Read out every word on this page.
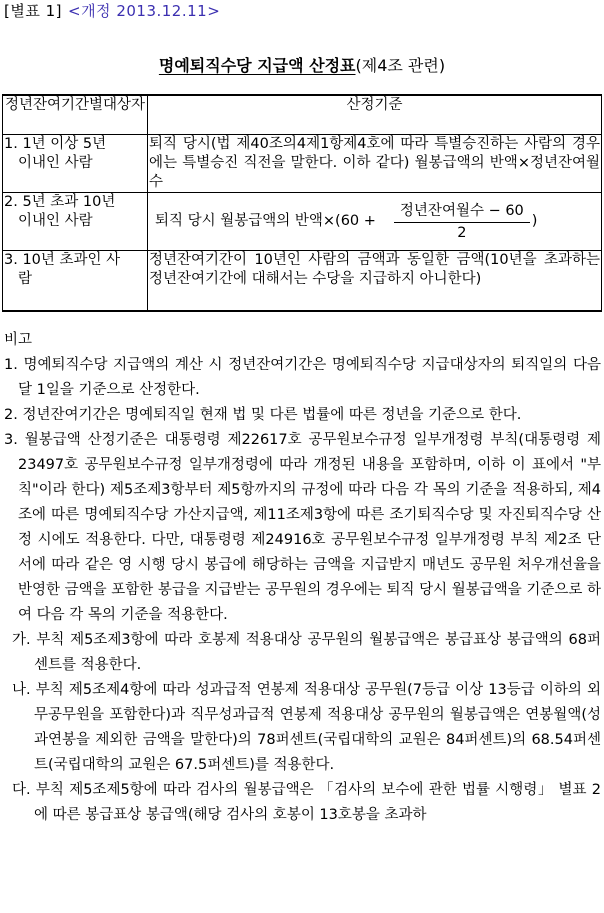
[별표 1] <개정 2013.12.11>
명예퇴직수당 지급액 산정표(제4조 관련)
정년잔여기간별대상자	산정기준

1. 1년 이상 5년
이내인 사람	퇴직 당시(법 제40조의4제1항제4호에 따라 특별승진하는 사람의 경우에는 특별승진 직전을 말한다. 이하 같다) 월봉급액의 반액×정년잔여월수

2. 5년 초과 10년
이내인 사람	퇴직 당시 월봉급액의 반액$\times(60 + \frac{\text{정년잔여월수 − 60}}{2}$ )

3. 10년 초과인 사
람	정년잔여기간이 10년인 사람의 금액과 동일한 금액(10년을 초과하는 정년잔여기간에 대해서는 수당을 지급하지 아니한다)

비고

1. 명예퇴직수당 지급액의 계산 시 정년잔여기간은 명예퇴직수당 지급대상자의 퇴직일의 다음 달 1일을 기준으로 산정한다.

2. 정년잔여기간은 명예퇴직일 현재 법 및 다른 법률에 따른 정년을 기준으로 한다.

3. 월봉급액 산정기준은 대통령령 제22617호 공무원보수규정 일부개정령 부칙(대통령령 제23497호 공무원보수규정 일부개정령에 따라 개정된 내용을 포함하며, 이하 이 표에서 "부칙"이라 한다) 제5조제3항부터 제5항까지의 규정에 따라 다음 각 목의 기준을 적용하되, 제4조에 따른 명예퇴직수당 가산지급액, 제11조제3항에 따른 조기퇴직수당 및 자진퇴직수당 산정 시에도 적용한다. 다만, 대통령령 제24916호 공무원보수규정 일부개정령 부칙 제2조 단서에 따라 같은 영 시행 당시 봉급에 해당하는 금액을 지급받지 매년도 공무원 처우개선율을 반영한 금액을 포함한 봉급을 지급받는 공무원의 경우에는 퇴직 당시 월봉급액을 기준으로 하여 다음 각 목의 기준을 적용한다.

가. 부칙 제5조제3항에 따라 호봉제 적용대상 공무원의 월봉급액은 봉급표상 봉급액의 68퍼센트를 적용한다.

나. 부칙 제5조제4항에 따라 성과급적 연봉제 적용대상 공무원(7등급 이상 13등급 이하의 외무공무원을 포함한다)과 직무성과급적 연봉제 적용대상 공무원의 월봉급액은 연봉월액(성과연봉을 제외한 금액을 말한다)의 78퍼센트(국립대학의 교원은 84퍼센트)의 68.54퍼센트(국립대학의 교원은 67.5퍼센트)를 적용한다.

다. 부칙 제5조제5항에 따라 검사의 월봉급액은 「검사의 보수에 관한 법률 시행령」 별표 2에 따른 봉급표상 봉급액(해당 검사의 호봉이 13호봉을 초과하
